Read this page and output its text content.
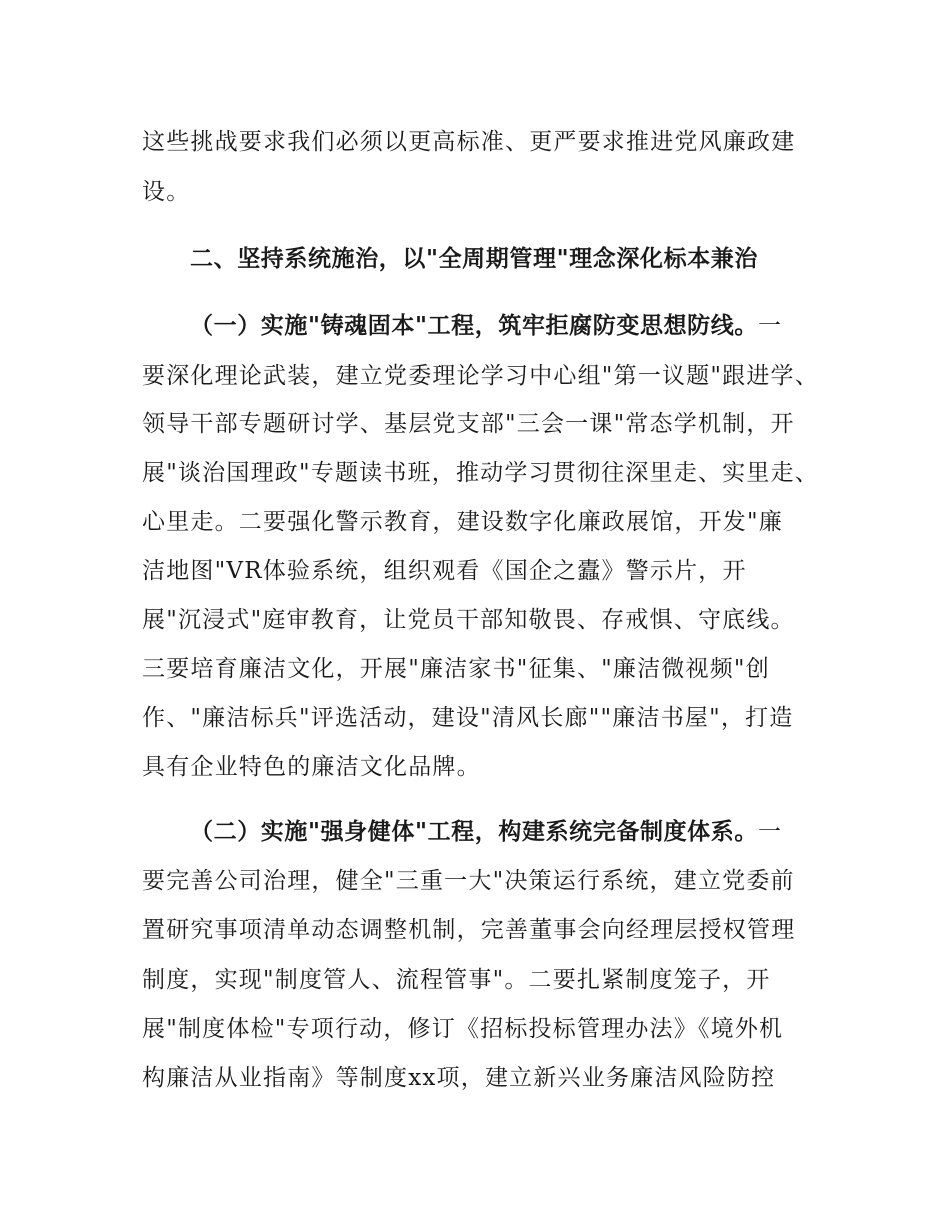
这些挑战要求我们必须以更高标准、更严要求推进党风廉政建
设。
二、坚持系统施治，以"全周期管理"理念深化标本兼治
（一）实施"铸魂固本"工程，筑牢拒腐防变思想防线。一
要深化理论武装，建立党委理论学习中心组"第一议题"跟进学、
领导干部专题研讨学、基层党支部"三会一课"常态学机制，开
展"谈治国理政"专题读书班，推动学习贯彻往深里走、实里走、
心里走。二要强化警示教育，建设数字化廉政展馆，开发"廉
洁地图"VR体验系统，组织观看《国企之蠹》警示片，开
展"沉浸式"庭审教育，让党员干部知敬畏、存戒惧、守底线。
三要培育廉洁文化，开展"廉洁家书"征集、"廉洁微视频"创
作、"廉洁标兵"评选活动，建设"清风长廊""廉洁书屋"，打造
具有企业特色的廉洁文化品牌。
（二）实施"强身健体"工程，构建系统完备制度体系。一
要完善公司治理，健全"三重一大"决策运行系统，建立党委前
置研究事项清单动态调整机制，完善董事会向经理层授权管理
制度，实现"制度管人、流程管事"。二要扎紧制度笼子，开
展"制度体检"专项行动，修订《招标投标管理办法》《境外机
构廉洁从业指南》等制度xx项，建立新兴业务廉洁风险防控
